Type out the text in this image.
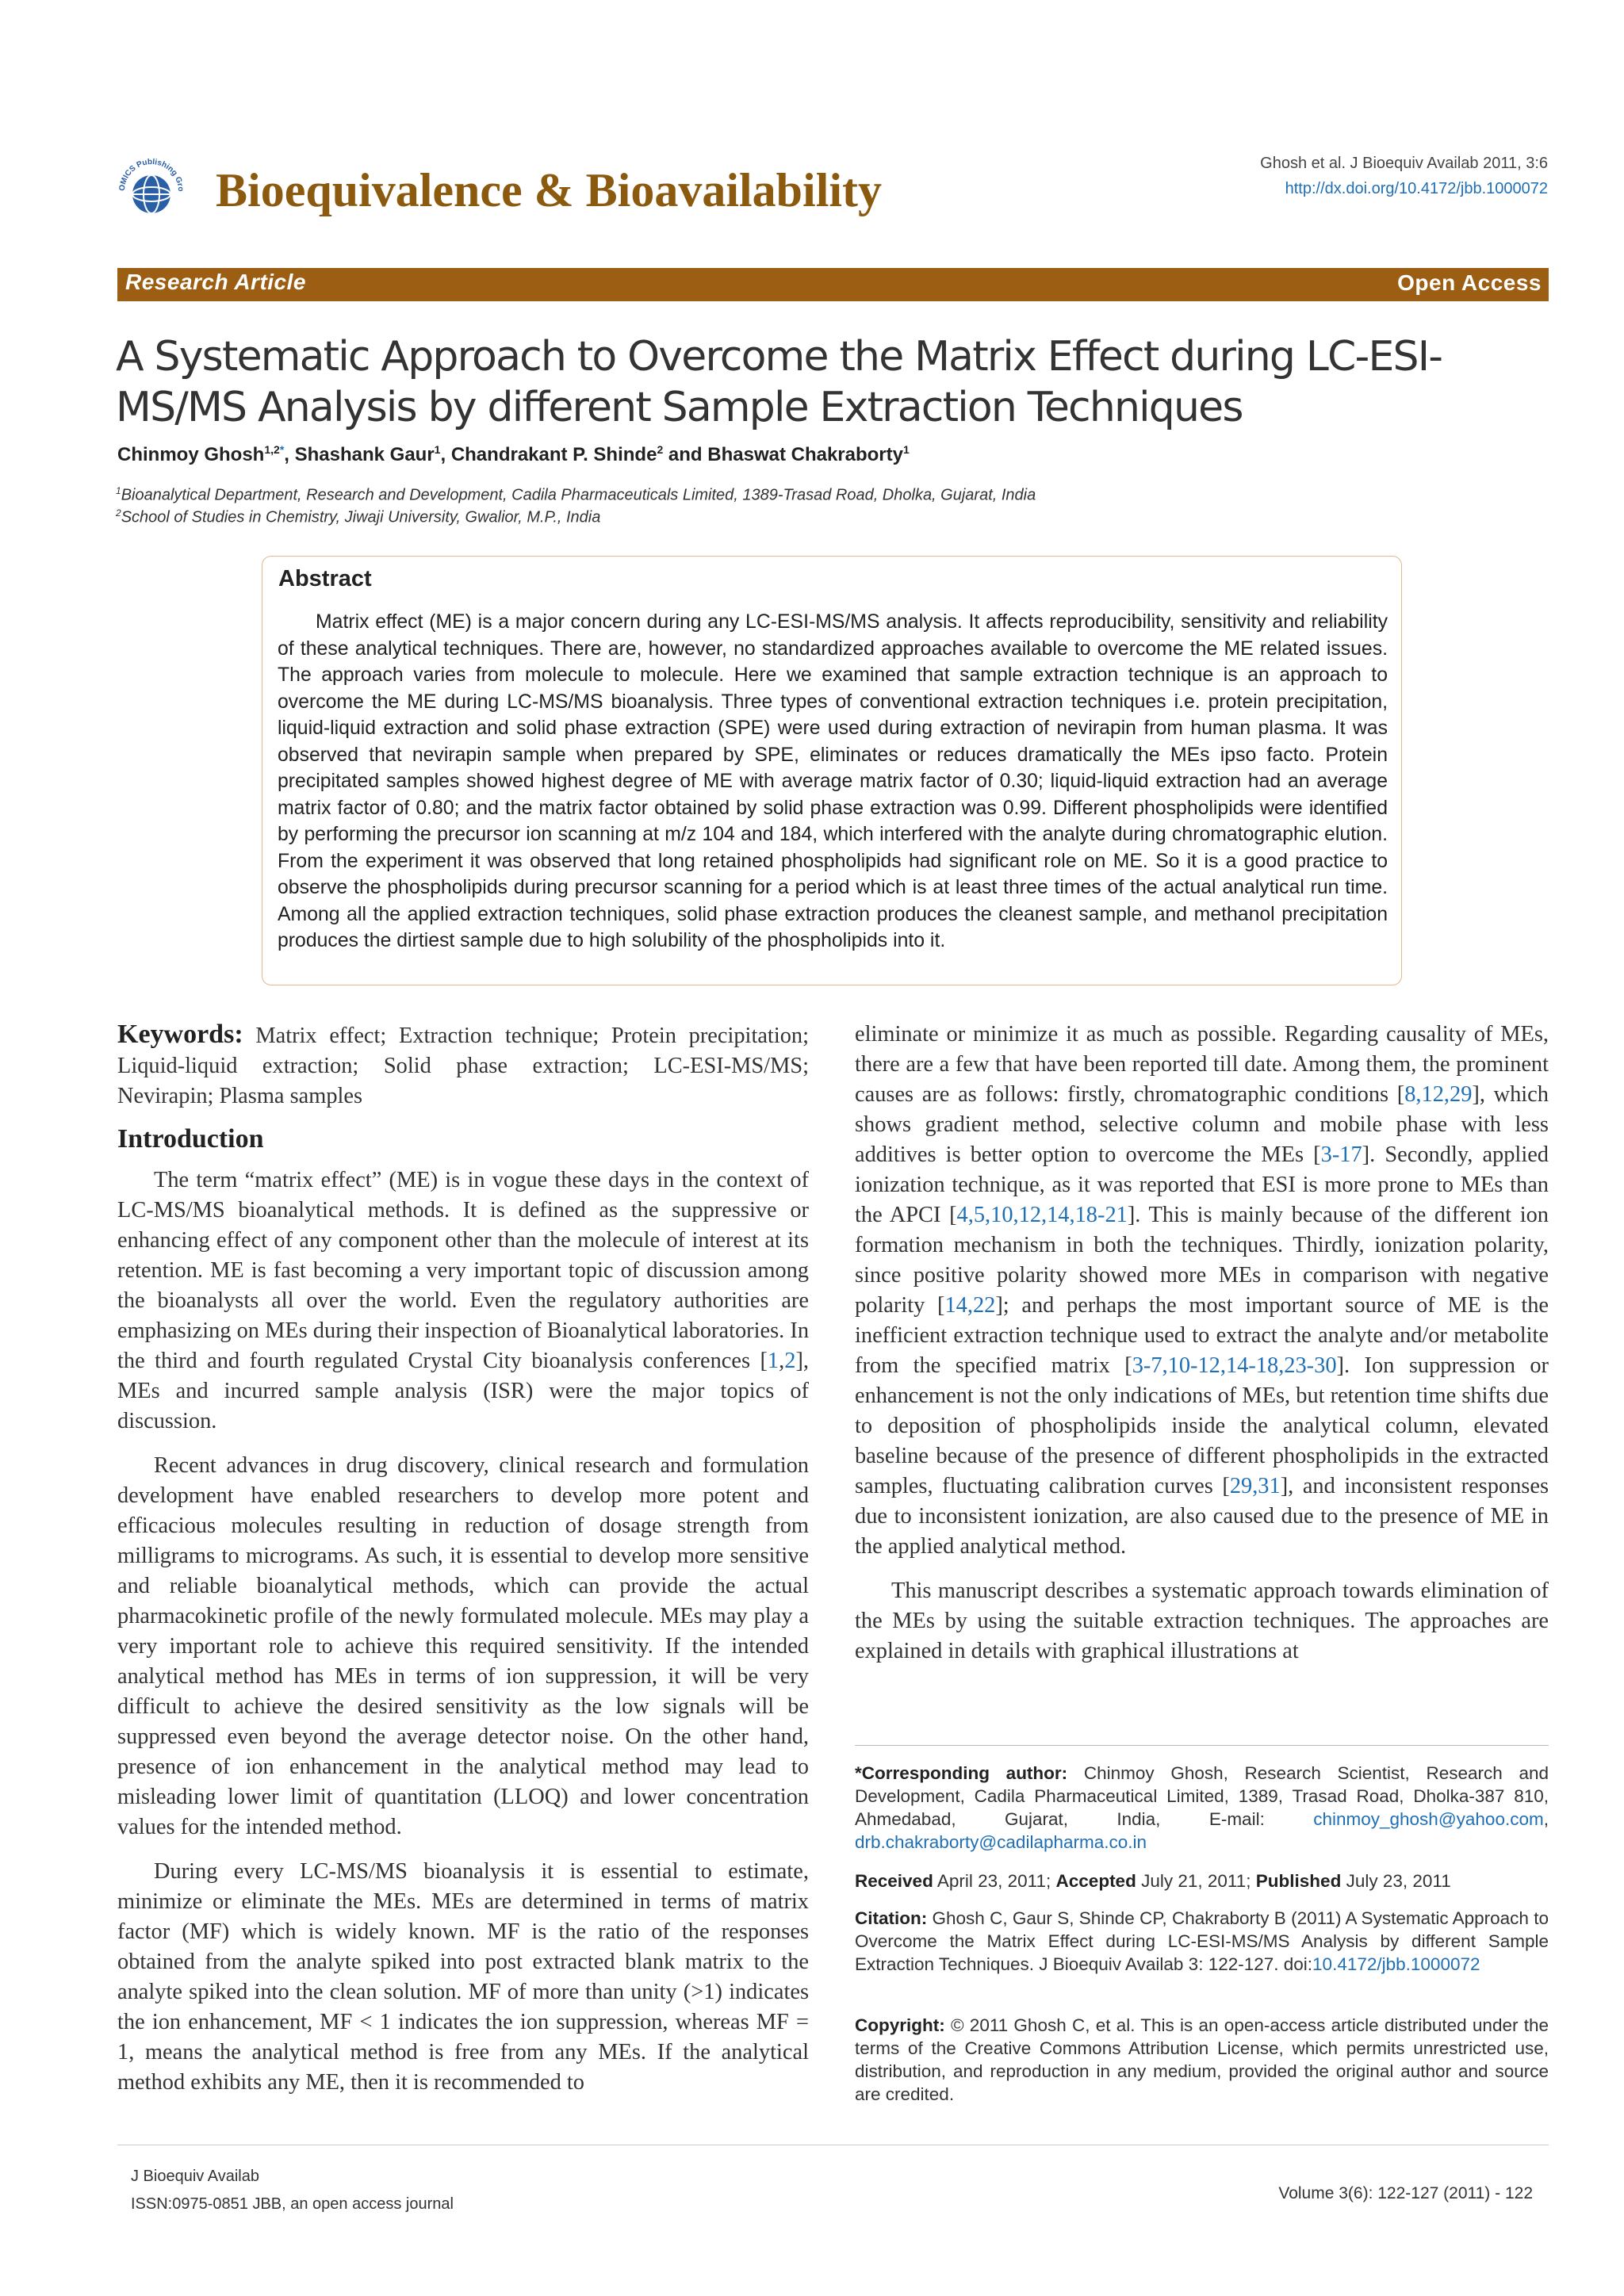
OMICS Publishing Gro Bioequivalence & Bioavailability
Ghosh et al. J Bioequiv Availab 2011, 3:6
http://dx.doi.org/10.4172/jbb.1000072
Research Article	Open Access
A Systematic Approach to Overcome the Matrix Effect during LC-ESI-MS/MS Analysis by different Sample Extraction Techniques
Chinmoy Ghosh$^{1,2*}$, Shashank Gaur$^1$, Chandrakant P. Shinde$^2$ and Bhaswat Chakraborty$^1$
$^1$Bioanalytical Department, Research and Development, Cadila Pharmaceuticals Limited, 1389-Trasad Road, Dholka, Gujarat, India
$^2$School of Studies in Chemistry, Jiwaji University, Gwalior, M.P., India
Abstract
Matrix effect (ME) is a major concern during any LC-ESI-MS/MS analysis. It affects reproducibility, sensitivity and reliability of these analytical techniques. There are, however, no standardized approaches available to overcome the ME related issues. The approach varies from molecule to molecule. Here we examined that sample extraction technique is an approach to overcome the ME during LC-MS/MS bioanalysis. Three types of conventional extraction techniques i.e. protein precipitation, liquid-liquid extraction and solid phase extraction (SPE) were used during extraction of nevirapin from human plasma. It was observed that nevirapin sample when prepared by SPE, eliminates or reduces dramatically the MEs ipso facto. Protein precipitated samples showed highest degree of ME with average matrix factor of 0.30; liquid-liquid extraction had an average matrix factor of 0.80; and the matrix factor obtained by solid phase extraction was 0.99. Different phospholipids were identified by performing the precursor ion scanning at m/z 104 and 184, which interfered with the analyte during chromatographic elution. From the experiment it was observed that long retained phospholipids had significant role on ME. So it is a good practice to observe the phospholipids during precursor scanning for a period which is at least three times of the actual analytical run time. Among all the applied extraction techniques, solid phase extraction produces the cleanest sample, and methanol precipitation produces the dirtiest sample due to high solubility of the phospholipids into it.

Keywords: Matrix effect; Extraction technique; Protein precipitation; Liquid-liquid extraction; Solid phase extraction; LC-ESI-MS/MS; Nevirapin; Plasma samples

Introduction

The term “matrix effect” (ME) is in vogue these days in the context of LC-MS/MS bioanalytical methods. It is defined as the suppressive or enhancing effect of any component other than the molecule of interest at its retention. ME is fast becoming a very important topic of discussion among the bioanalysts all over the world. Even the regulatory authorities are emphasizing on MEs during their inspection of Bioanalytical laboratories. In the third and fourth regulated Crystal City bioanalysis conferences [1,2], MEs and incurred sample analysis (ISR) were the major topics of discussion.

Recent advances in drug discovery, clinical research and formulation development have enabled researchers to develop more potent and efficacious molecules resulting in reduction of dosage strength from milligrams to micrograms. As such, it is essential to develop more sensitive and reliable bioanalytical methods, which can provide the actual pharmacokinetic profile of the newly formulated molecule. MEs may play a very important role to achieve this required sensitivity. If the intended analytical method has MEs in terms of ion suppression, it will be very difficult to achieve the desired sensitivity as the low signals will be suppressed even beyond the average detector noise. On the other hand, presence of ion enhancement in the analytical method may lead to misleading lower limit of quantitation (LLOQ) and lower concentration values for the intended method.

During every LC-MS/MS bioanalysis it is essential to estimate, minimize or eliminate the MEs. MEs are determined in terms of matrix factor (MF) which is widely known. MF is the ratio of the responses obtained from the analyte spiked into post extracted blank matrix to the analyte spiked into the clean solution. MF of more than unity (>1) indicates the ion enhancement, MF < 1 indicates the ion suppression, whereas MF = 1, means the analytical method is free from any MEs. If the analytical method exhibits any ME, then it is recommended to

eliminate or minimize it as much as possible. Regarding causality of MEs, there are a few that have been reported till date. Among them, the prominent causes are as follows: firstly, chromatographic conditions [8,12,29], which shows gradient method, selective column and mobile phase with less additives is better option to overcome the MEs [3-17]. Secondly, applied ionization technique, as it was reported that ESI is more prone to MEs than the APCI [4,5,10,12,14,18-21]. This is mainly because of the different ion formation mechanism in both the techniques. Thirdly, ionization polarity, since positive polarity showed more MEs in comparison with negative polarity [14,22]; and perhaps the most important source of ME is the inefficient extraction technique used to extract the analyte and/or metabolite from the specified matrix [3-7,10-12,14-18,23-30]. Ion suppression or enhancement is not the only indications of MEs, but retention time shifts due to deposition of phospholipids inside the analytical column, elevated baseline because of the presence of different phospholipids in the extracted samples, fluctuating calibration curves [29,31], and inconsistent responses due to inconsistent ionization, are also caused due to the presence of ME in the applied analytical method.

This manuscript describes a systematic approach towards elimination of the MEs by using the suitable extraction techniques. The approaches are explained in details with graphical illustrations at

*Corresponding author: Chinmoy Ghosh, Research Scientist, Research and Development, Cadila Pharmaceutical Limited, 1389, Trasad Road, Dholka-387 810, Ahmedabad, Gujarat, India, E-mail:	chinmoy_ghosh@yahoo.com, drb.chakraborty@cadilapharma.co.in
Received April 23, 2011; Accepted July 21, 2011; Published July 23, 2011
Citation: Ghosh C, Gaur S, Shinde CP, Chakraborty B (2011) A Systematic Approach to Overcome the Matrix Effect during LC-ESI-MS/MS Analysis by different Sample Extraction Techniques. J Bioequiv Availab 3: 122-127. doi:10.4172/jbb.1000072
Copyright: © 2011 Ghosh C, et al. This is an open-access article distributed under the terms of the Creative Commons Attribution License, which permits unrestricted use, distribution, and reproduction in any medium, provided the original author and source are credited.
J Bioequiv Availab
ISSN:0975-0851 JBB, an open access journal
Volume 3(6): 122-127 (2011) - 122
